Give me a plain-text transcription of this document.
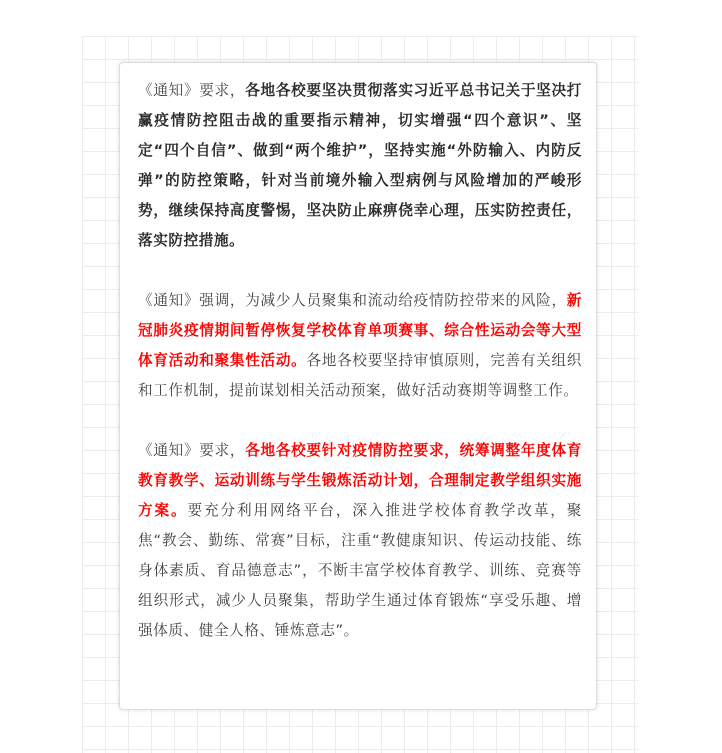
《通知》要求，各地各校要坚决贯彻落实习近平总书记关于坚决打赢疫情防控阻击战的重要指示精神，切实增强“四个意识”、坚定“四个自信”、做到“两个维护”，坚持实施“外防输入、内防反弹”的防控策略，针对当前境外输入型病例与风险增加的严峻形势，继续保持高度警惕，坚决防止麻痹侥幸心理，压实防控责任，落实防控措施。

《通知》强调，为减少人员聚集和流动给疫情防控带来的风险，新冠肺炎疫情期间暂停恢复学校体育单项赛事、综合性运动会等大型体育活动和聚集性活动。各地各校要坚持审慎原则，完善有关组织和工作机制，提前谋划相关活动预案，做好活动赛期等调整工作。

《通知》要求，各地各校要针对疫情防控要求，统筹调整年度体育教育教学、运动训练与学生锻炼活动计划，合理制定教学组织实施方案。要充分利用网络平台，深入推进学校体育教学改革，聚焦“教会、勤练、常赛”目标，注重“教健康知识、传运动技能、练身体素质、育品德意志”，不断丰富学校体育教学、训练、竞赛等组织形式，减少人员聚集，帮助学生通过体育锻炼“享受乐趣、增强体质、健全人格、锤炼意志”。
